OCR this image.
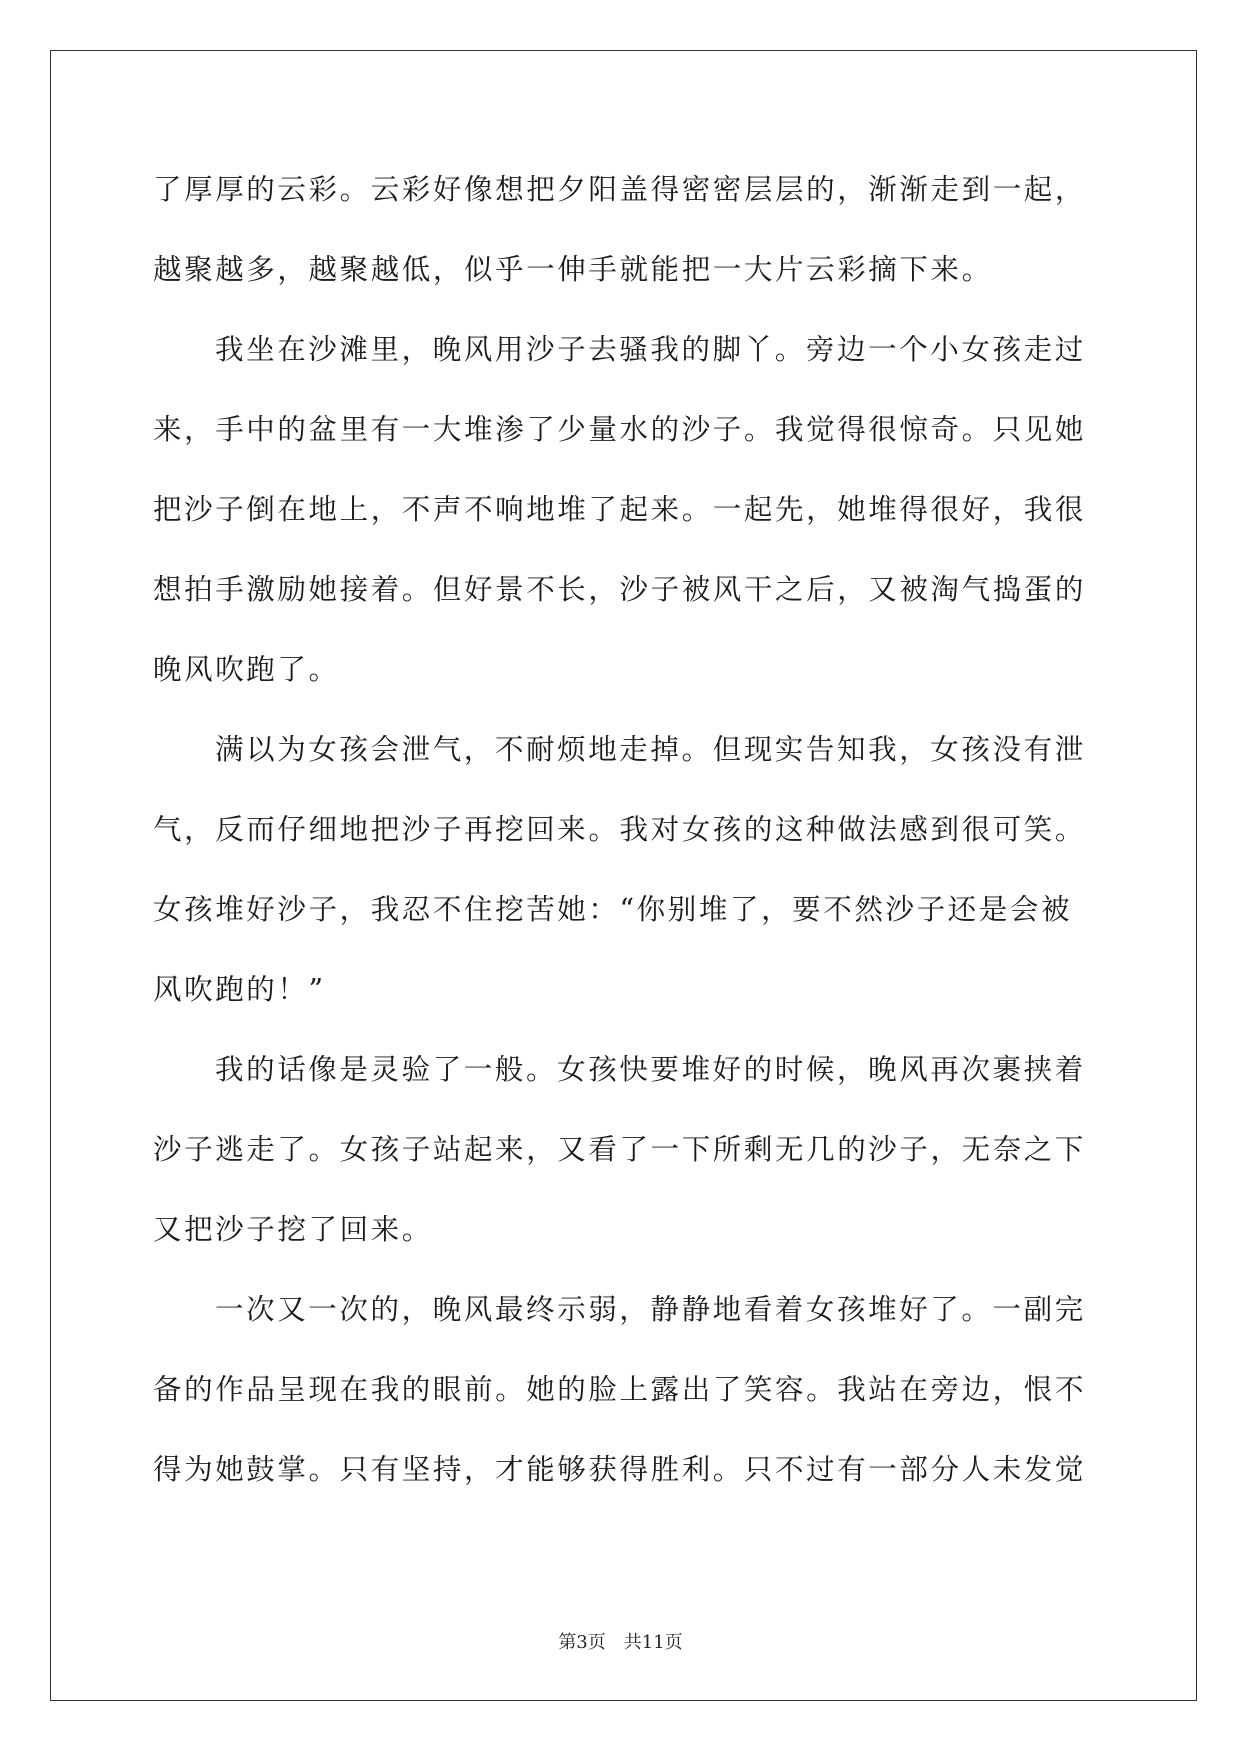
了厚厚的云彩。云彩好像想把夕阳盖得密密层层的，渐渐走到一起，
越聚越多，越聚越低，似乎一伸手就能把一大片云彩摘下来。
我坐在沙滩里，晚风用沙子去骚我的脚丫。旁边一个小女孩走过
来，手中的盆里有一大堆渗了少量水的沙子。我觉得很惊奇。只见她
把沙子倒在地上，不声不响地堆了起来。一起先，她堆得很好，我很
想拍手激励她接着。但好景不长，沙子被风干之后，又被淘气捣蛋的
晚风吹跑了。
满以为女孩会泄气，不耐烦地走掉。但现实告知我，女孩没有泄
气，反而仔细地把沙子再挖回来。我对女孩的这种做法感到很可笑。
女孩堆好沙子，我忍不住挖苦她：“你别堆了，要不然沙子还是会被
风吹跑的！”
我的话像是灵验了一般。女孩快要堆好的时候，晚风再次裹挟着
沙子逃走了。女孩子站起来，又看了一下所剩无几的沙子，无奈之下
又把沙子挖了回来。
一次又一次的，晚风最终示弱，静静地看着女孩堆好了。一副完
备的作品呈现在我的眼前。她的脸上露出了笑容。我站在旁边，恨不
得为她鼓掌。只有坚持，才能够获得胜利。只不过有一部分人未发觉
第3页 共11页
